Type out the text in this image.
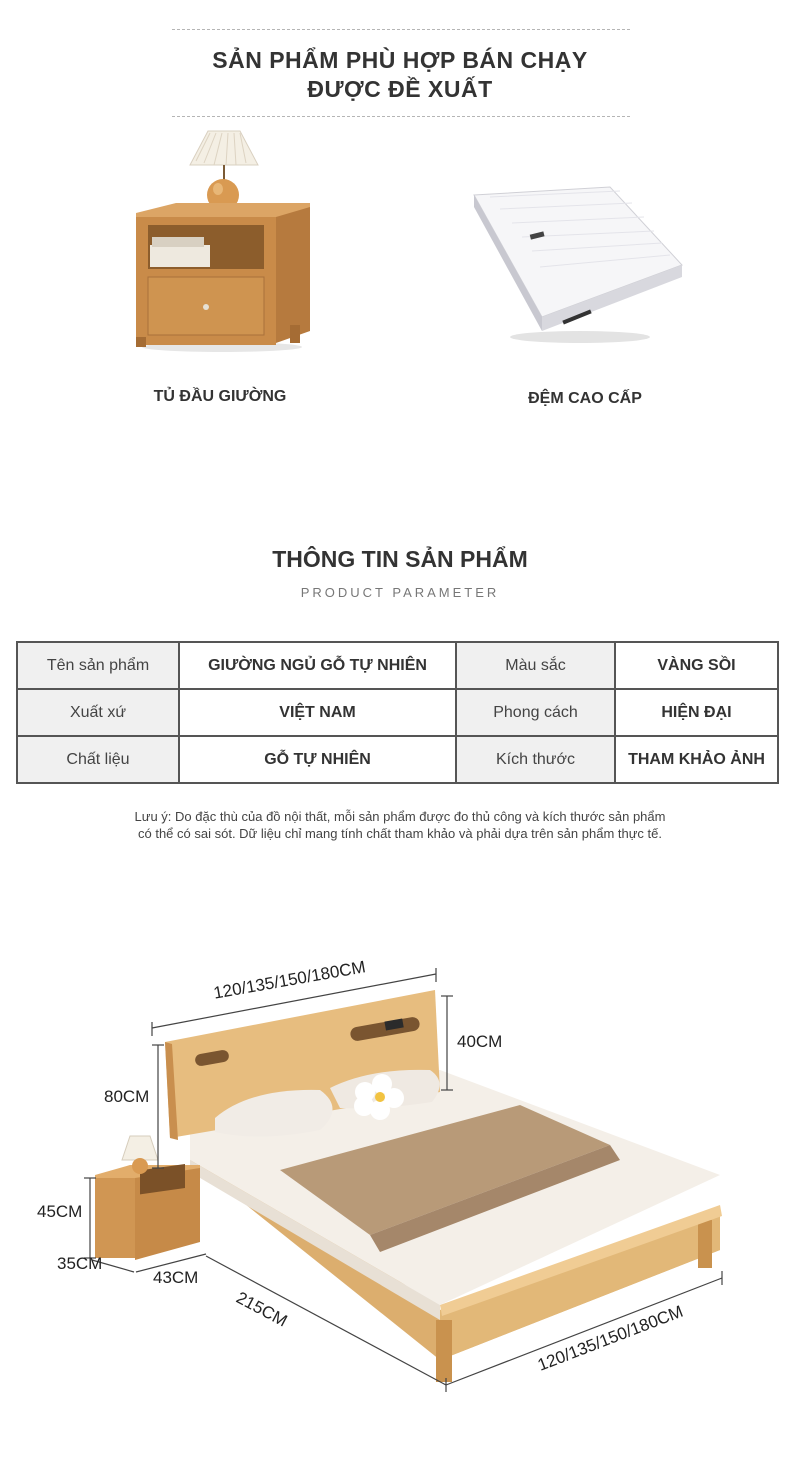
SẢN PHẨM PHÙ HỢP BÁN CHẠY
ĐƯỢC ĐỀ XUẤT
TỦ ĐẦU GIƯỜNG	ĐỆM CAO CẤP
THÔNG TIN SẢN PHẨM
PRODUCT PARAMETER
Tên sản phẩm	GIƯỜNG NGỦ GỖ TỰ NHIÊN	Màu sắc	VÀNG SỒI
Xuất xứ	VIỆT NAM	Phong cách	HIỆN ĐẠI
Chất liệu	GỖ TỰ NHIÊN	Kích thước	THAM KHẢO ẢNH
Lưu ý: Do đặc thù của đồ nội thất, mỗi sản phẩm được đo thủ công và kích thước sản phẩm
có thể có sai sót. Dữ liệu chỉ mang tính chất tham khảo và phải dựa trên sản phẩm thực tế.
120/135/150/180CM
40CM
80CM
45CM
35CM
43CM
215CM	120/135/150/180CM
